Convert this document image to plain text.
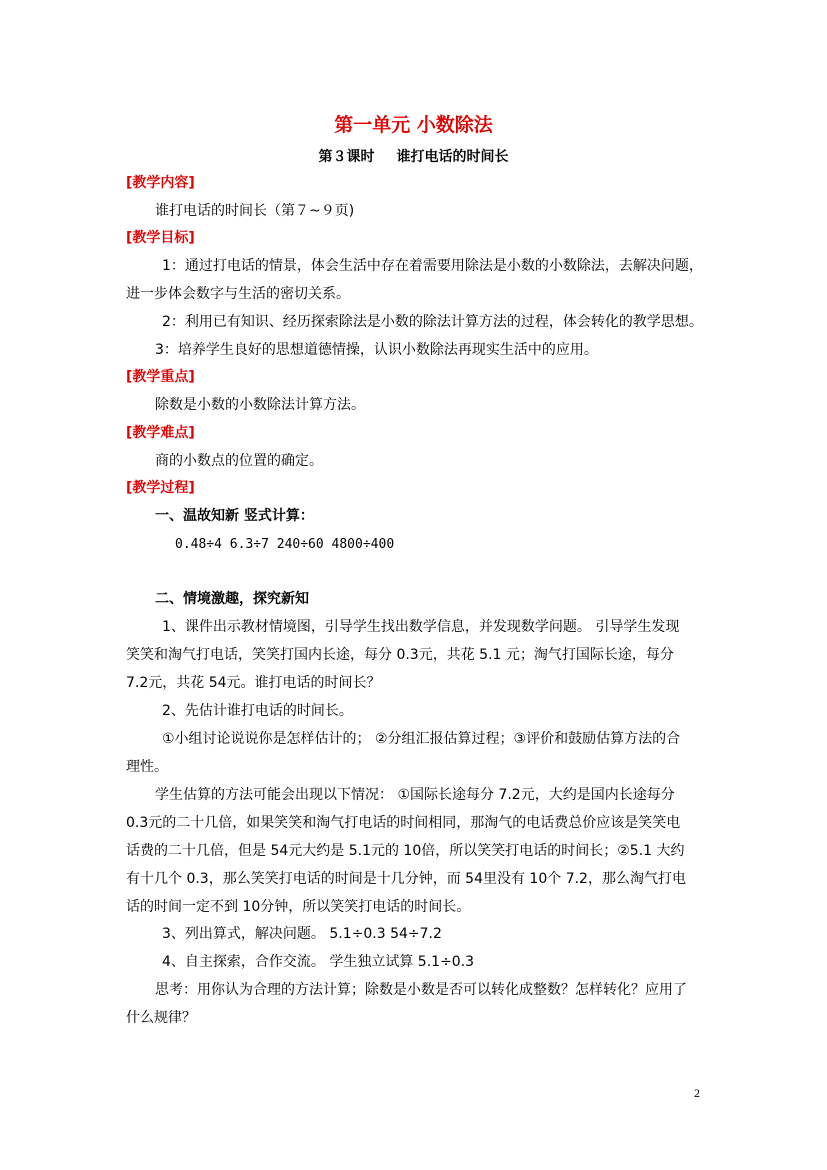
第一单元 小数除法
第３课时 谁打电话的时间长
[教学内容]
谁打电话的时间长（第７~９页)
[教学目标]
1：通过打电话的情景，体会生活中存在着需要用除法是小数的小数除法，去解决问题，
进一步体会数字与生活的密切关系。
2：利用已有知识、经历探索除法是小数的除法计算方法的过程，体会转化的教学思想。
3：培养学生良好的思想道德情操，认识小数除法再现实生活中的应用。
[教学重点]
除数是小数的小数除法计算方法。
[教学难点]
商的小数点的位置的确定。
[教学过程]
一、温故知新 竖式计算：
0.48÷4 6.3÷7 240÷60 4800÷400
二、情境激趣，探究新知
1、课件出示教材情境图，引导学生找出数学信息，并发现数学问题。 引导学生发现
笑笑和淘气打电话，笑笑打国内长途，每分 0.3元，共花 5.1 元；淘气打国际长途，每分
7.2元，共花 54元。谁打电话的时间长？
2、先估计谁打电话的时间长。
①小组讨论说说你是怎样估计的； ②分组汇报估算过程；③评价和鼓励估算方法的合
理性。
学生估算的方法可能会出现以下情况： ①国际长途每分 7.2元，大约是国内长途每分
0.3元的二十几倍，如果笑笑和淘气打电话的时间相同，那淘气的电话费总价应该是笑笑电
话费的二十几倍，但是 54元大约是 5.1元的 10倍，所以笑笑打电话的时间长；②5.1 大约
有十几个 0.3，那么笑笑打电话的时间是十几分钟，而 54里没有 10个 7.2，那么淘气打电
话的时间一定不到 10分钟，所以笑笑打电话的时间长。
3、列出算式，解决问题。 5.1÷0.3 54÷7.2
4、自主探索，合作交流。 学生独立试算 5.1÷0.3
思考：用你认为合理的方法计算；除数是小数是否可以转化成整数？怎样转化？应用了
什么规律？
2
